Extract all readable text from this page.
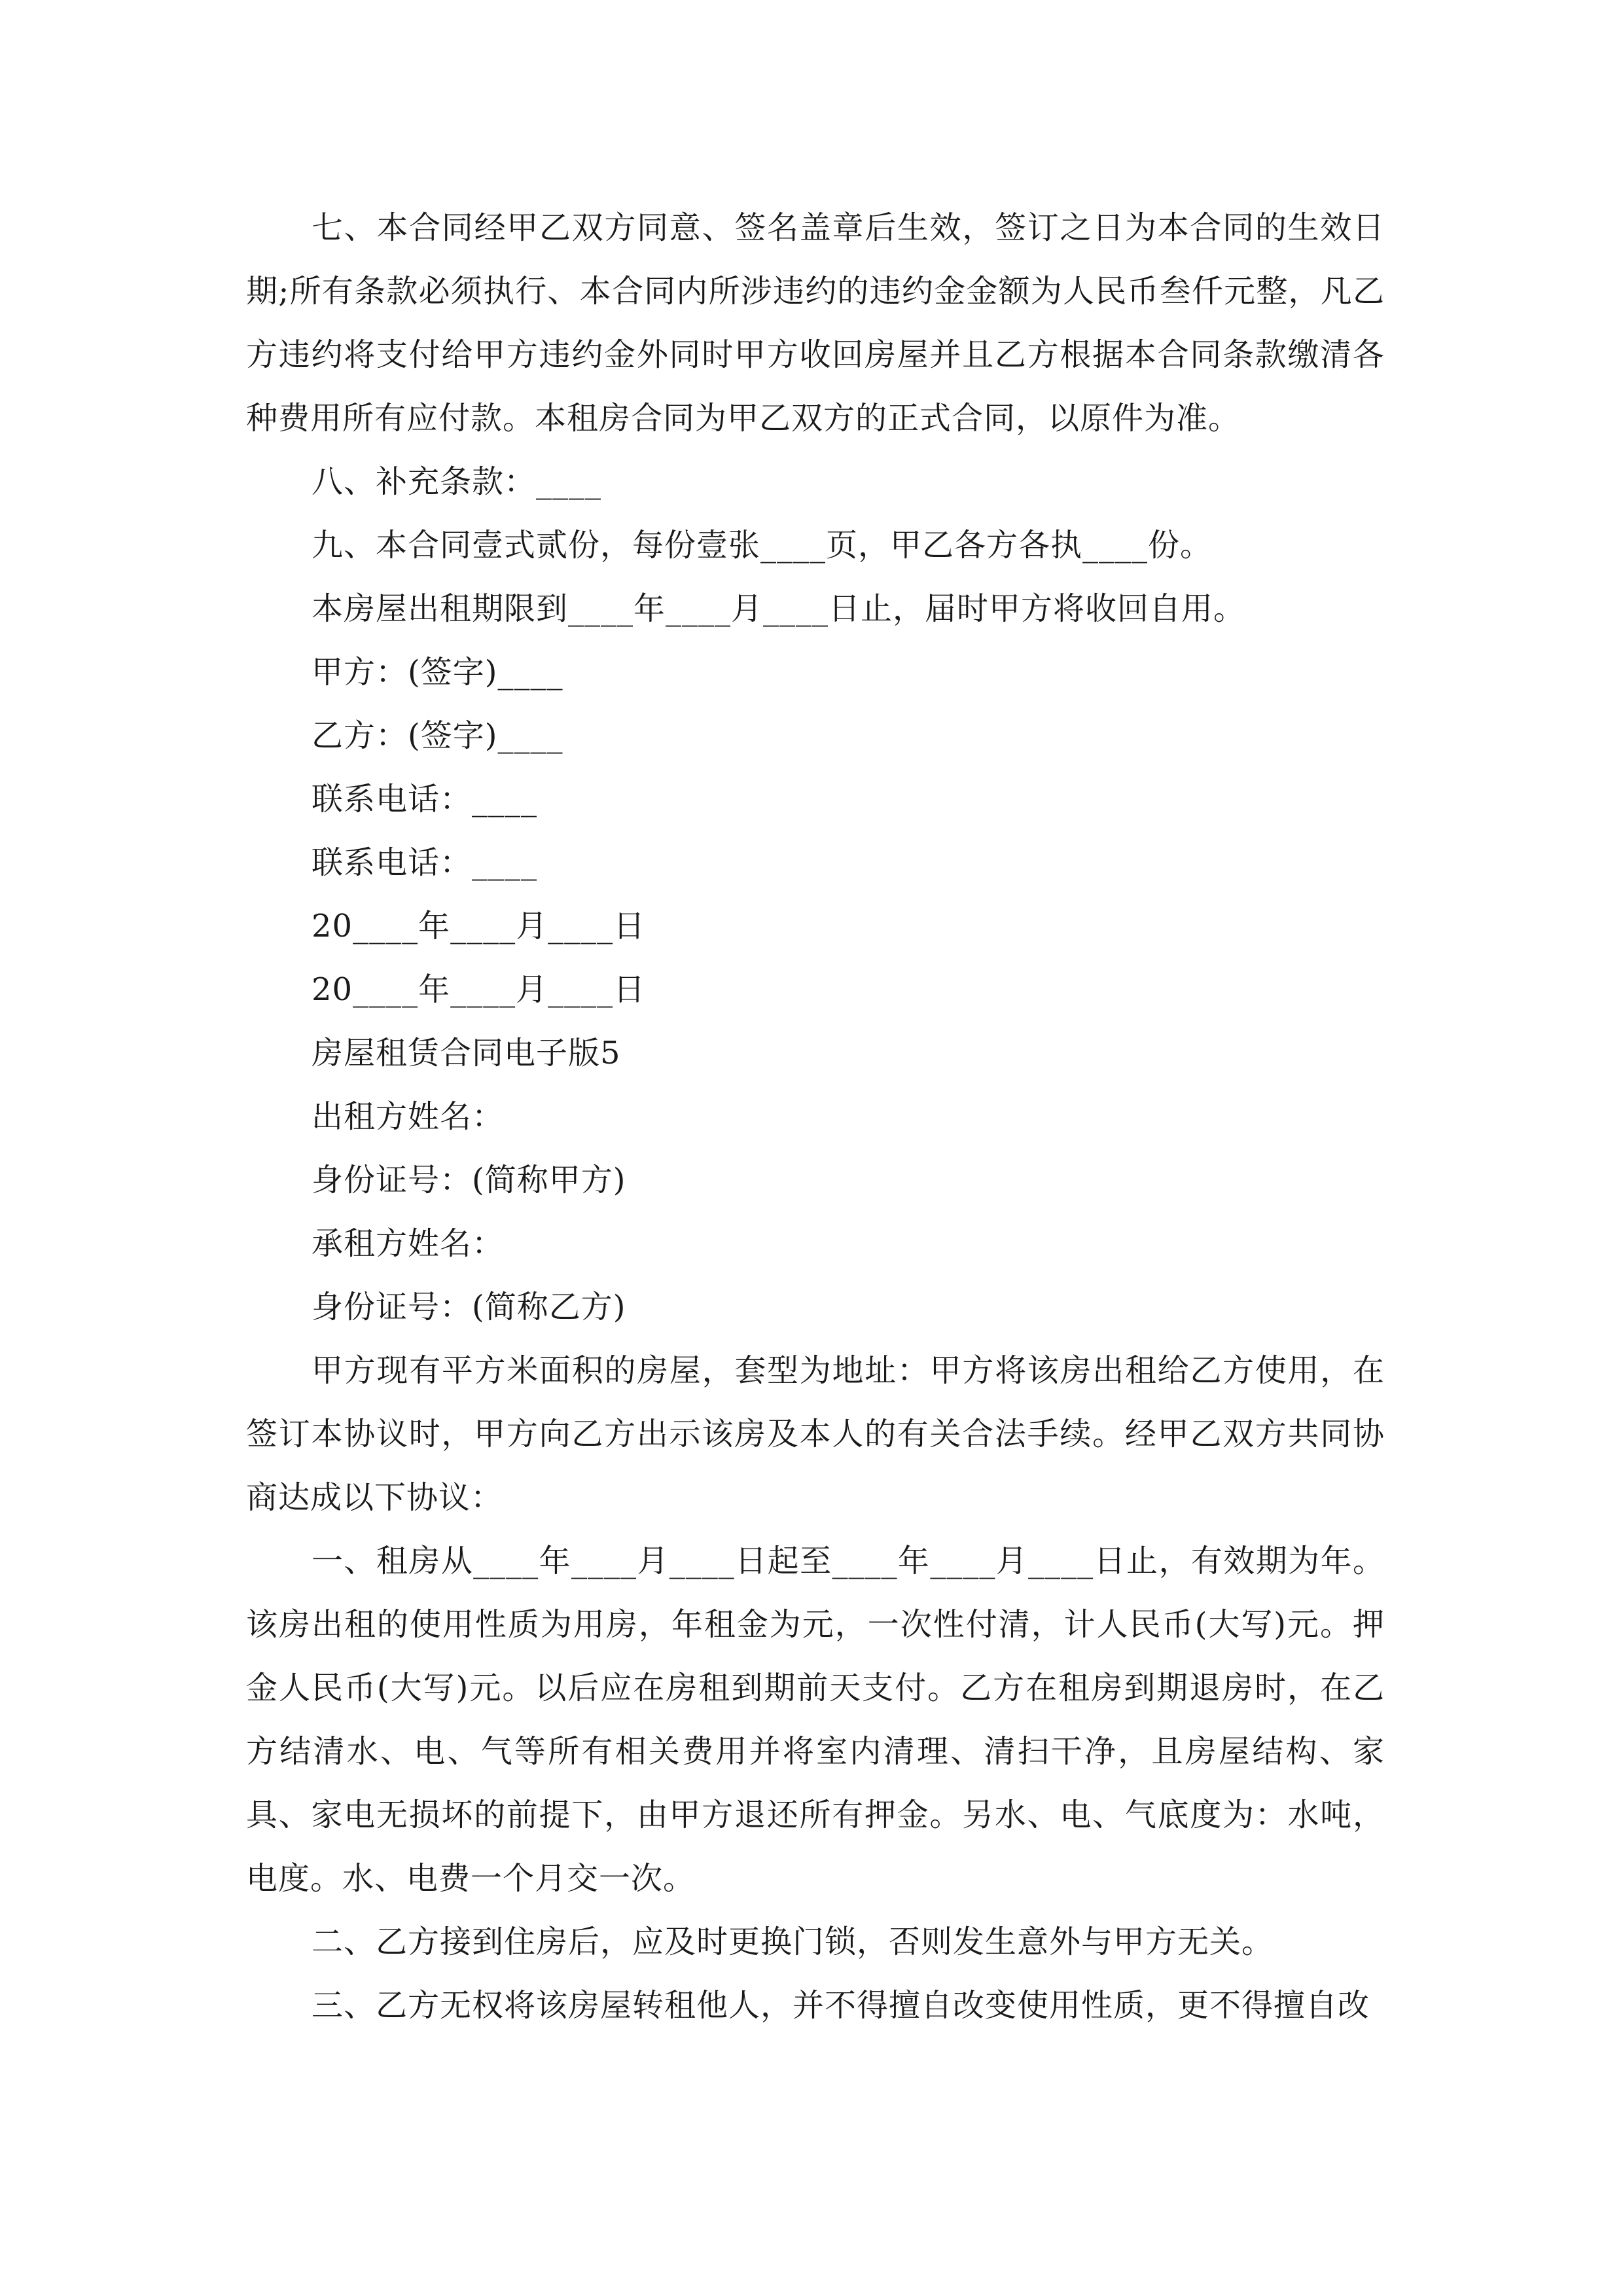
七、本合同经甲乙双方同意、签名盖章后生效，签订之日为本合同的生效日期;所有条款必须执行、本合同内所涉违约的违约金金额为人民币叁仟元整，凡乙方违约将支付给甲方违约金外同时甲方收回房屋并且乙方根据本合同条款缴清各种费用所有应付款。本租房合同为甲乙双方的正式合同，以原件为准。

八、补充条款：____

九、本合同壹式贰份，每份壹张____页，甲乙各方各执____份。

本房屋出租期限到____年____月____日止，届时甲方将收回自用。

甲方：(签字)____

乙方：(签字)____

联系电话：____

联系电话：____

20____年____月____日

20____年____月____日

房屋租赁合同电子版5

出租方姓名：

身份证号：(简称甲方)

承租方姓名：

身份证号：(简称乙方)

甲方现有平方米面积的房屋，套型为地址：甲方将该房出租给乙方使用，在签订本协议时，甲方向乙方出示该房及本人的有关合法手续。经甲乙双方共同协商达成以下协议：

一、租房从____年____月____日起至____年____月____日止，有效期为年。该房出租的使用性质为用房，年租金为元，一次性付清，计人民币(大写)元。押金人民币(大写)元。以后应在房租到期前天支付。乙方在租房到期退房时，在乙方结清水、电、气等所有相关费用并将室内清理、清扫干净，且房屋结构、家具、家电无损坏的前提下，由甲方退还所有押金。另水、电、气底度为：水吨，电度。水、电费一个月交一次。

二、乙方接到住房后，应及时更换门锁，否则发生意外与甲方无关。

三、乙方无权将该房屋转租他人，并不得擅自改变使用性质，更不得擅自改
